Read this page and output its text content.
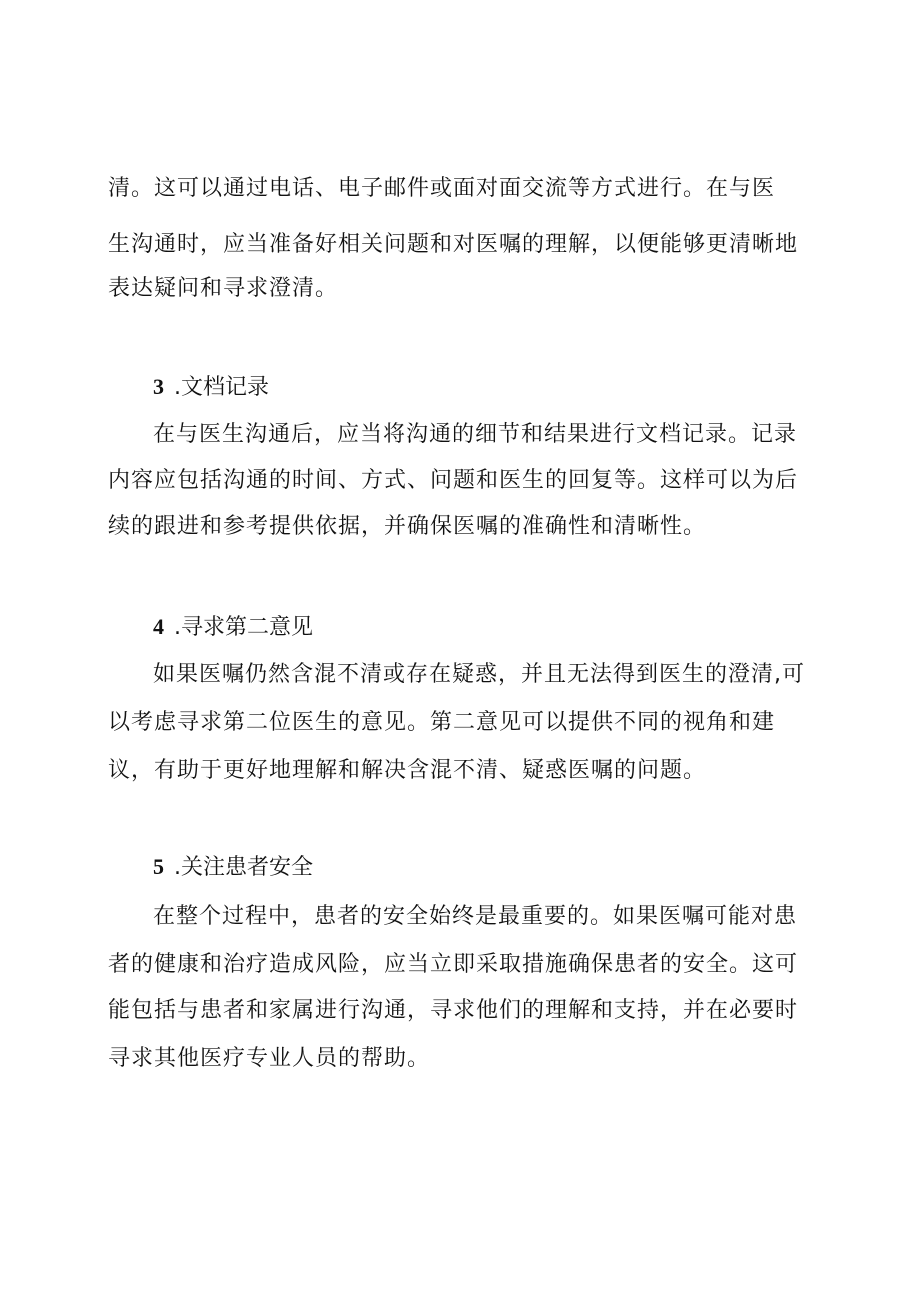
清。这可以通过电话、电子邮件或面对面交流等方式进行。在与医
生沟通时，应当准备好相关问题和对医嘱的理解，以便能够更清晰地
表达疑问和寻求澄清。
3 .文档记录
在与医生沟通后，应当将沟通的细节和结果进行文档记录。记录
内容应包括沟通的时间、方式、问题和医生的回复等。这样可以为后
续的跟进和参考提供依据，并确保医嘱的准确性和清晰性。
4 .寻求第二意见
如果医嘱仍然含混不清或存在疑惑，并且无法得到医生的澄清,可
以考虑寻求第二位医生的意见。第二意见可以提供不同的视角和建
议，有助于更好地理解和解决含混不清、疑惑医嘱的问题。
5 .关注患者安全
在整个过程中，患者的安全始终是最重要的。如果医嘱可能对患
者的健康和治疗造成风险，应当立即采取措施确保患者的安全。这可
能包括与患者和家属进行沟通，寻求他们的理解和支持，并在必要时
寻求其他医疗专业人员的帮助。
